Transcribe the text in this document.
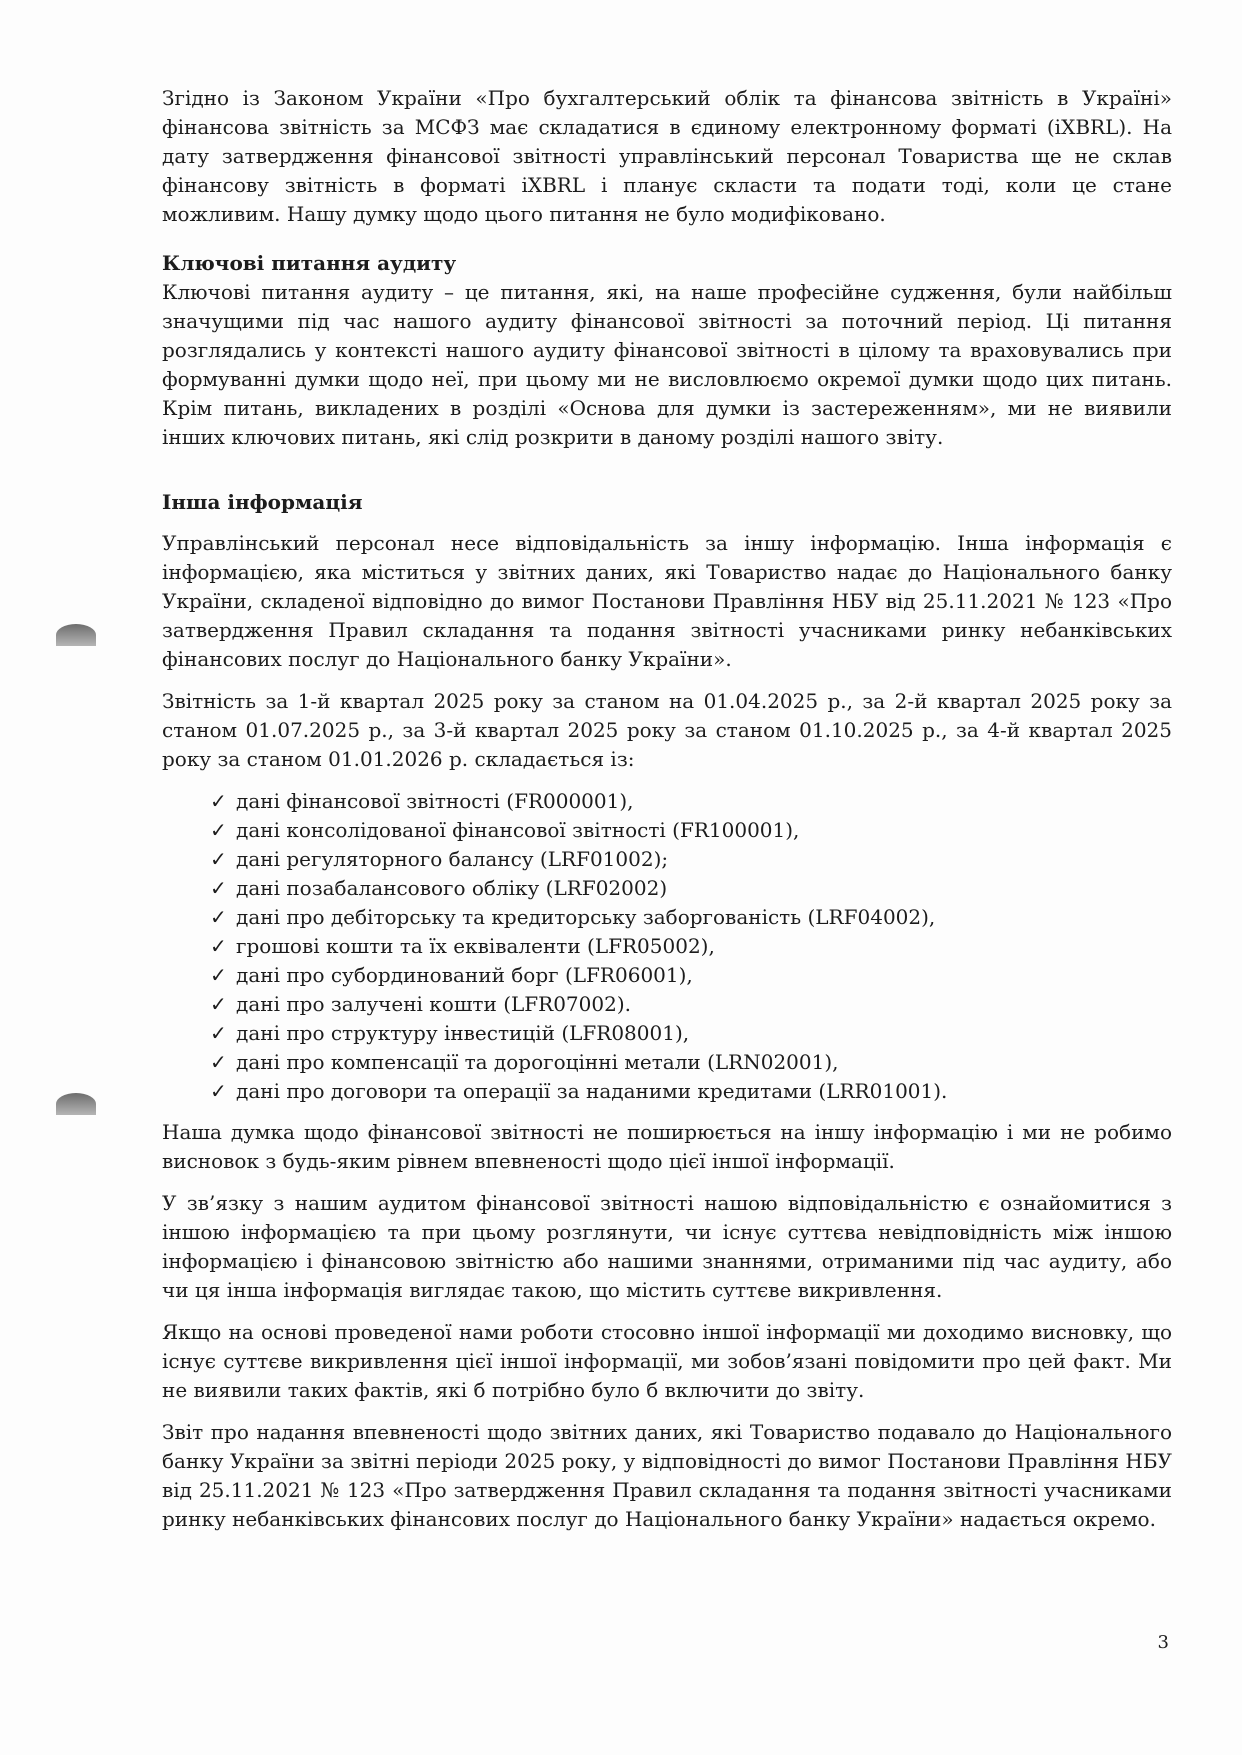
Згідно із Законом України «Про бухгалтерський облік та фінансова звітність в Україні» фінансова звітність за МСФЗ має складатися в єдиному електронному форматі (iXBRL). На дату затвердження фінансової звітності управлінський персонал Товариства ще не склав фінансову звітність в форматі iXBRL і планує скласти та подати тоді, коли це стане можливим. Нашу думку щодо цього питання не було модифіковано.

Ключові питання аудиту

Ключові питання аудиту – це питання, які, на наше професійне судження, були найбільш значущими під час нашого аудиту фінансової звітності за поточний період. Ці питання розглядались у контексті нашого аудиту фінансової звітності в цілому та враховувались при формуванні думки щодо неї, при цьому ми не висловлюємо окремої думки щодо цих питань. Крім питань, викладених в розділі «Основа для думки із застереженням», ми не виявили інших ключових питань, які слід розкрити в даному розділі нашого звіту.

Інша інформація

Управлінський персонал несе відповідальність за іншу інформацію. Інша інформація є інформацією, яка міститься у звітних даних, які Товариство надає до Національного банку України, складеної відповідно до вимог Постанови Правління НБУ від 25.11.2021 № 123 «Про затвердження Правил складання та подання звітності учасниками ринку небанківських фінансових послуг до Національного банку України».

Звітність за 1-й квартал 2025 року за станом на 01.04.2025 р., за 2-й квартал 2025 року за станом 01.07.2025 р., за 3-й квартал 2025 року за станом 01.10.2025 р., за 4-й квартал 2025 року за станом 01.01.2026 р. складається із:

✓ дані фінансової звітності (FR000001),
✓ дані консолідованої фінансової звітності (FR100001),
✓ дані регуляторного балансу (LRF01002);
✓ дані позабалансового обліку (LRF02002)
✓ дані про дебіторську та кредиторську заборгованість (LRF04002),
✓ грошові кошти та їх еквіваленти (LFR05002),
✓ дані про субординований борг (LFR06001),
✓ дані про залучені кошти (LFR07002).
✓ дані про структуру інвестицій (LFR08001),
✓ дані про компенсації та дорогоцінні метали (LRN02001),
✓ дані про договори та операції за наданими кредитами (LRR01001).

Наша думка щодо фінансової звітності не поширюється на іншу інформацію і ми не робимо висновок з будь-яким рівнем впевненості щодо цієї іншої інформації.

У зв’язку з нашим аудитом фінансової звітності нашою відповідальністю є ознайомитися з іншою інформацією та при цьому розглянути, чи існує суттєва невідповідність між іншою інформацією і фінансовою звітністю або нашими знаннями, отриманими під час аудиту, або чи ця інша інформація виглядає такою, що містить суттєве викривлення.

Якщо на основі проведеної нами роботи стосовно іншої інформації ми доходимо висновку, що існує суттєве викривлення цієї іншої інформації, ми зобов’язані повідомити про цей факт. Ми не виявили таких фактів, які б потрібно було б включити до звіту.

Звіт про надання впевненості щодо звітних даних, які Товариство подавало до Національного банку України за звітні періоди 2025 року, у відповідності до вимог Постанови Правління НБУ від 25.11.2021 № 123 «Про затвердження Правил складання та подання звітності учасниками ринку небанківських фінансових послуг до Національного банку України» надається окремо.

3
